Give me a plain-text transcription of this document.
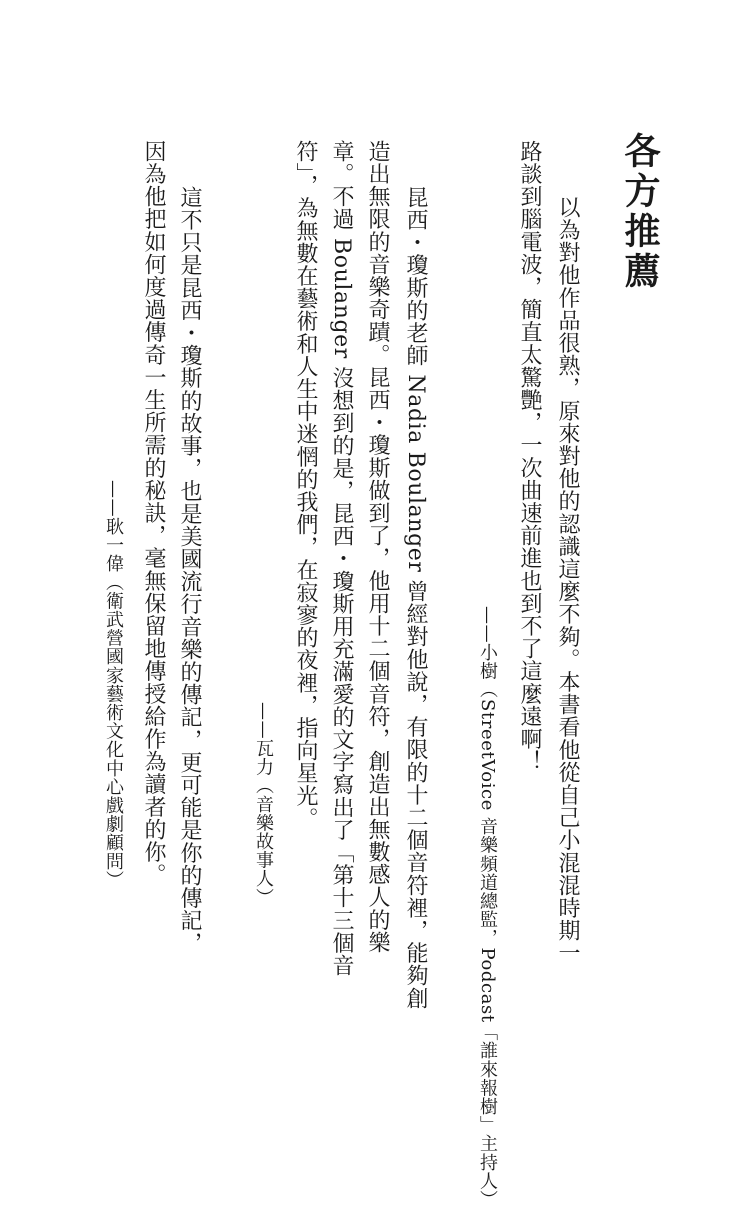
各方推薦
以為對他作品很熟，原來對他的認識這麼不夠。本書看他從自己小混混時期一
路談到腦電波，簡直太驚艷，一次曲速前進也到不了這麼遠啊！
——小樹（StreetVoice 音樂頻道總監，Podcast「誰來報樹」主持人）
昆西・瓊斯的老師 Nadia Boulanger 曾經對他說，有限的十二個音符裡，能夠創
造出無限的音樂奇蹟。昆西・瓊斯做到了，他用十二個音符，創造出無數感人的樂
章。不過 Boulanger 沒想到的是，昆西・瓊斯用充滿愛的文字寫出了「第十三個音
符」，為無數在藝術和人生中迷惘的我們，在寂寥的夜裡，指向星光。
——瓦力（音樂故事人）
這不只是昆西・瓊斯的故事，也是美國流行音樂的傳記，更可能是你的傳記，
因為他把如何度過傳奇一生所需的秘訣，毫無保留地傳授給作為讀者的你。
——耿一偉（衛武營國家藝術文化中心戲劇顧問）
